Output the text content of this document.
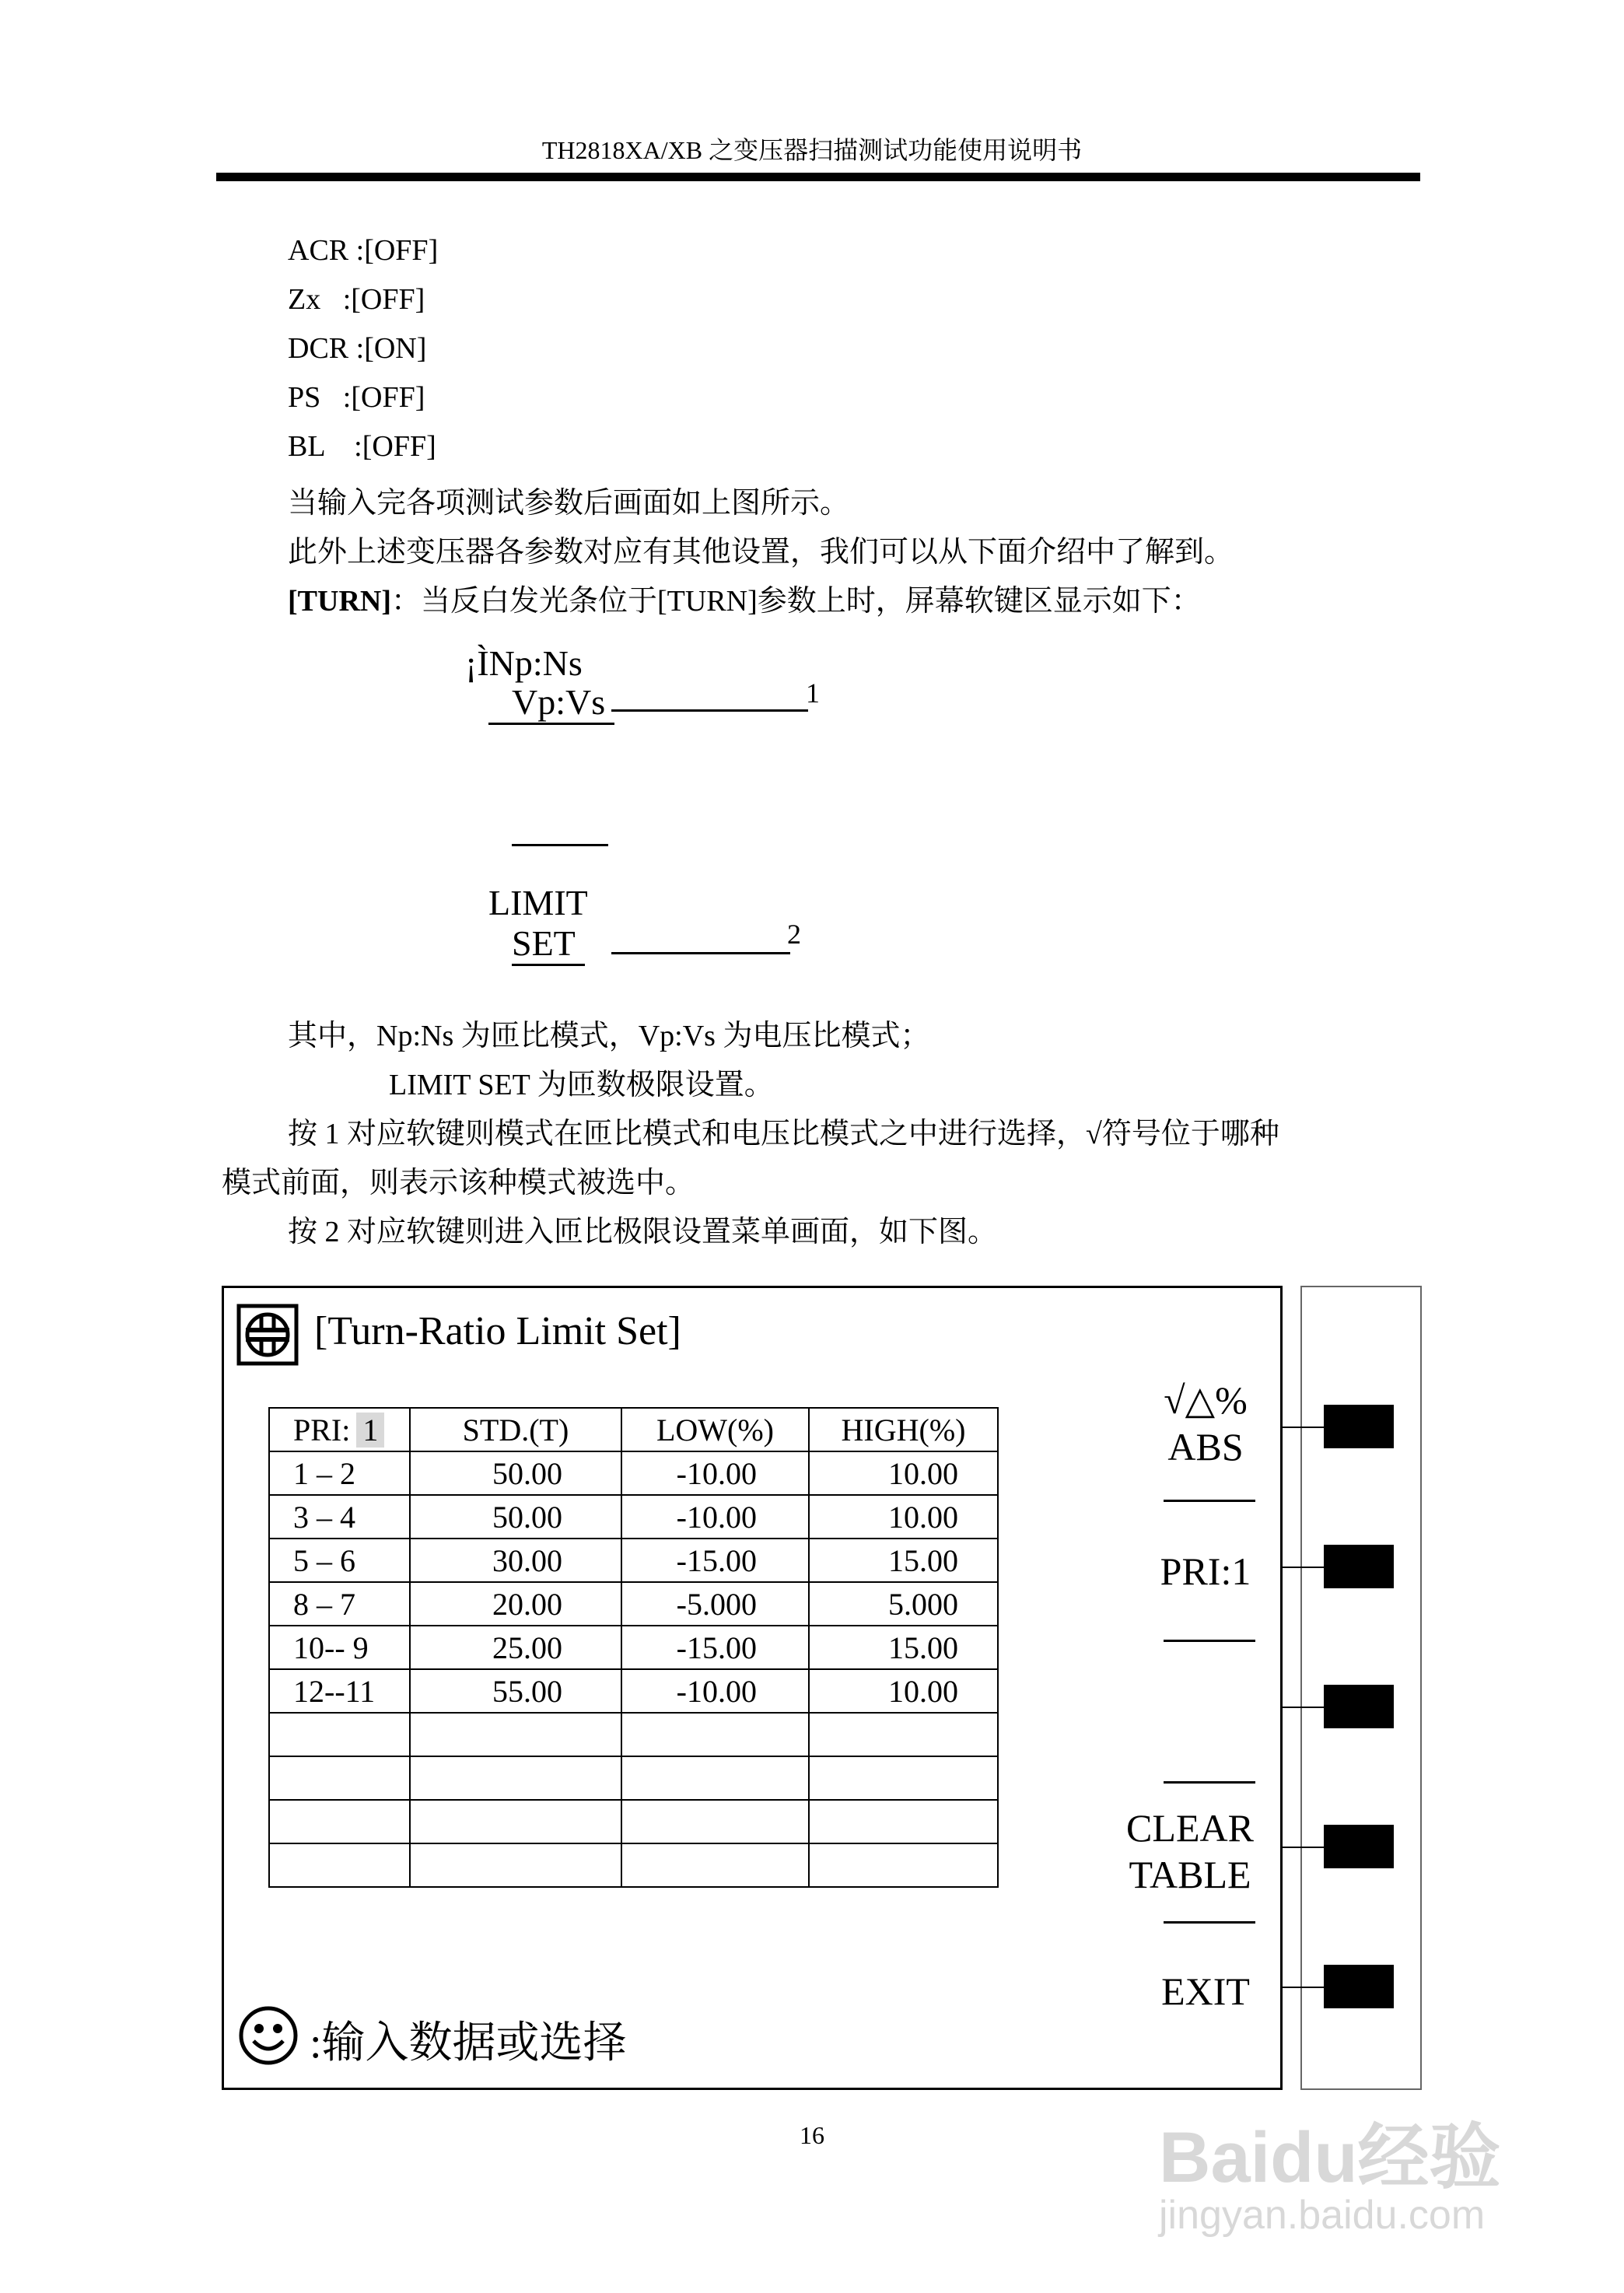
TH2818XA/XB 之变压器扫描测试功能使用说明书
ACR :[OFF]
Zx   :[OFF]
DCR :[ON]
PS   :[OFF]
BL    :[OFF]
当输入完各项测试参数后画面如上图所示。
此外上述变压器各参数对应有其他设置，我们可以从下面介绍中了解到。
[TURN]：当反白发光条位于[TURN]参数上时，屏幕软键区显示如下：
¡ÌNp:Ns
Vp:Vs	1
LIMIT
SET	2
其中，Np:Ns 为匝比模式，Vp:Vs 为电压比模式；
LIMIT SET 为匝数极限设置。
按 1 对应软键则模式在匝比模式和电压比模式之中进行选择，√符号位于哪种
模式前面，则表示该种模式被选中。
按 2 对应软键则进入匝比极限设置菜单画面，如下图。
[Turn-Ratio Limit Set]
PRI: 1	STD.(T)	LOW(%)	HIGH(%)
1 – 2	50.00	-10.00	10.00
3 – 4	50.00	-10.00	10.00
5 – 6	30.00	-15.00	15.00
8 – 7	20.00	-5.000	5.000
10-- 9	25.00	-15.00	15.00
12--11	55.00	-10.00	10.00

√△%
ABS
PRI:1
CLEAR
TABLE
EXIT
:输入数据或选择
16	Baidu经验
jingyan.baidu.com
